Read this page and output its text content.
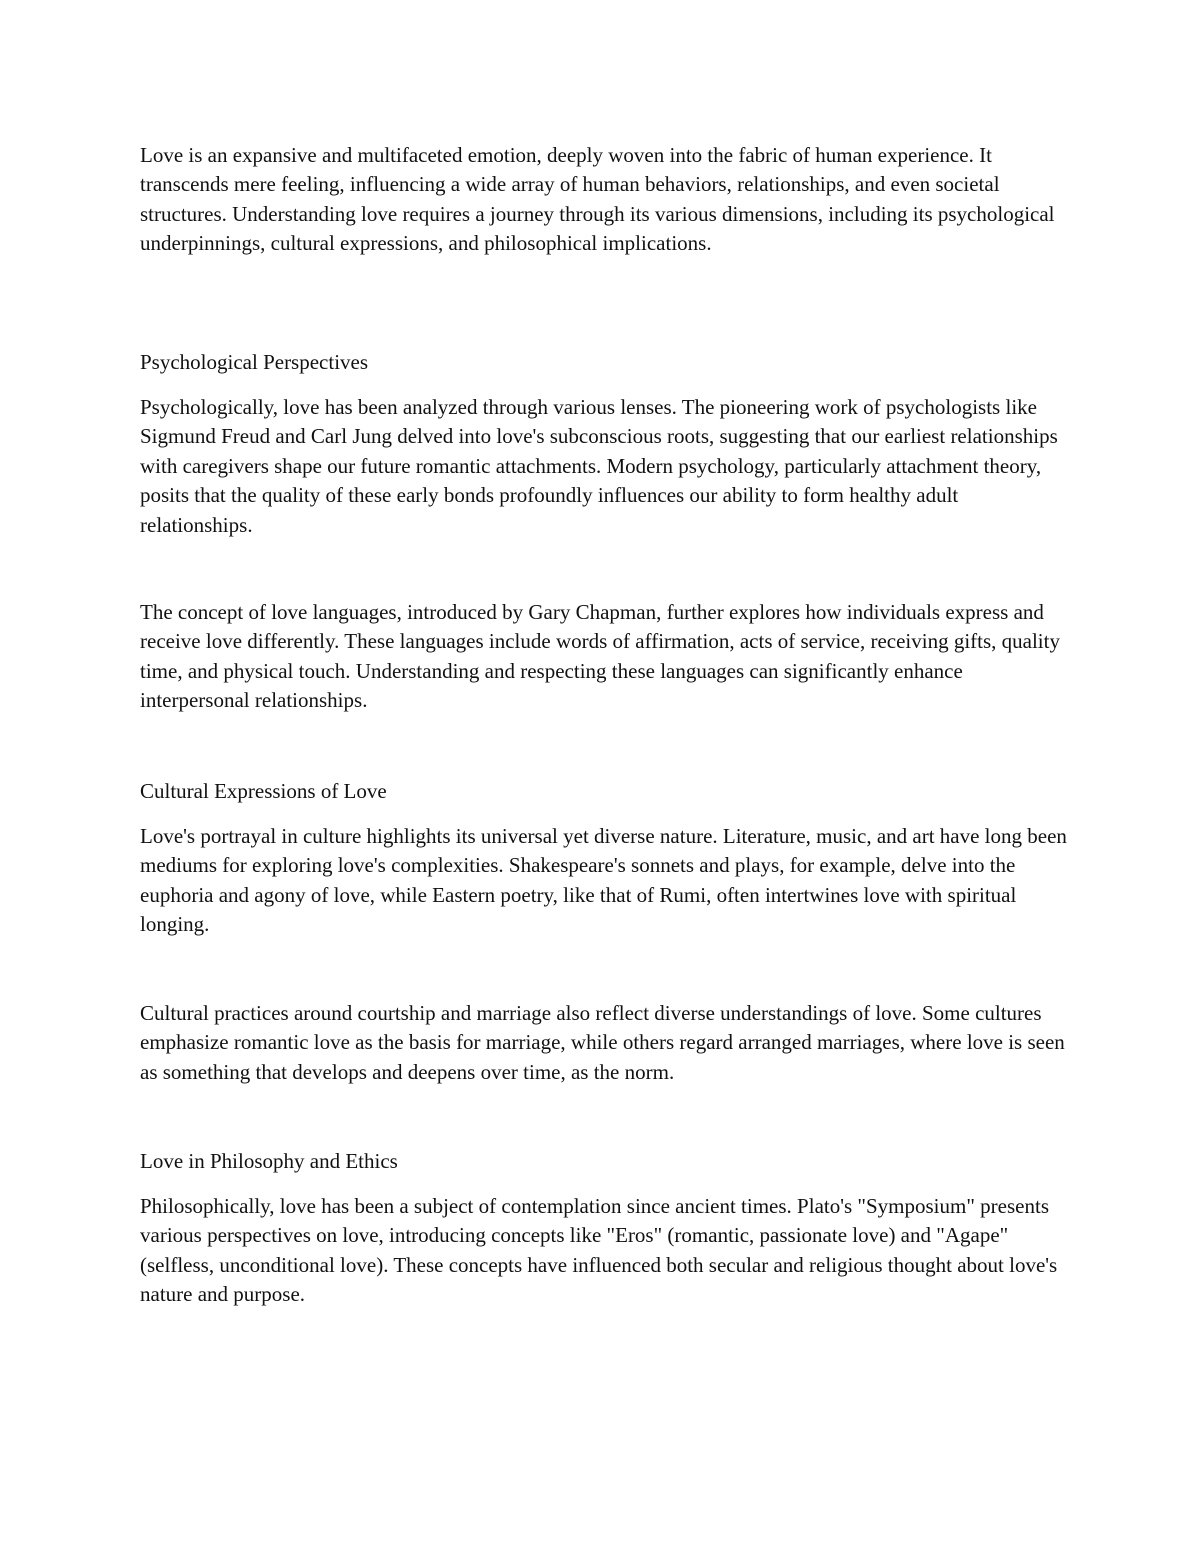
Love is an expansive and multifaceted emotion, deeply woven into the fabric of human experience. It transcends mere feeling, influencing a wide array of human behaviors, relationships, and even societal structures. Understanding love requires a journey through its various dimensions, including its psychological underpinnings, cultural expressions, and philosophical implications.

Psychological Perspectives

Psychologically, love has been analyzed through various lenses. The pioneering work of psychologists like Sigmund Freud and Carl Jung delved into love's subconscious roots, suggesting that our earliest relationships with caregivers shape our future romantic attachments. Modern psychology, particularly attachment theory, posits that the quality of these early bonds profoundly influences our ability to form healthy adult relationships.

The concept of love languages, introduced by Gary Chapman, further explores how individuals express and receive love differently. These languages include words of affirmation, acts of service, receiving gifts, quality time, and physical touch. Understanding and respecting these languages can significantly enhance interpersonal relationships.

Cultural Expressions of Love

Love's portrayal in culture highlights its universal yet diverse nature. Literature, music, and art have long been mediums for exploring love's complexities. Shakespeare's sonnets and plays, for example, delve into the euphoria and agony of love, while Eastern poetry, like that of Rumi, often intertwines love with spiritual longing.

Cultural practices around courtship and marriage also reflect diverse understandings of love. Some cultures emphasize romantic love as the basis for marriage, while others regard arranged marriages, where love is seen as something that develops and deepens over time, as the norm.

Love in Philosophy and Ethics

Philosophically, love has been a subject of contemplation since ancient times. Plato's "Symposium" presents various perspectives on love, introducing concepts like "Eros" (romantic, passionate love) and "Agape" (selfless, unconditional love). These concepts have influenced both secular and religious thought about love's nature and purpose.
